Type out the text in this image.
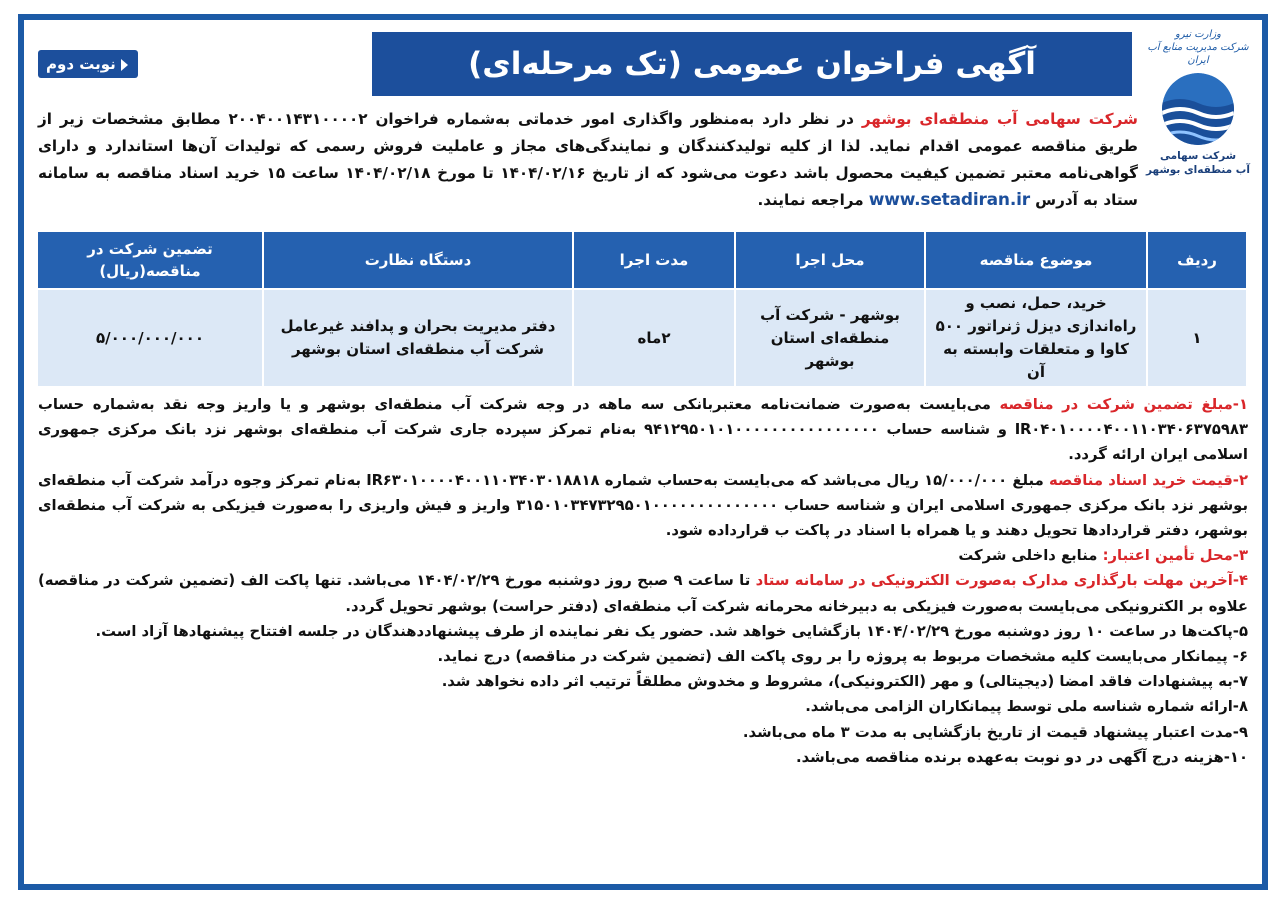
وزارت نیرو
شرکت مدیریت منابع آب ایران
شرکت سهامی
آب منطقه‌ای بوشهر
آگهی فراخوان عمومی (تک مرحله‌ای)
نوبت دوم
شرکت سهامی آب منطقه‌ای بوشهر در نظر دارد به‌منظور واگذاری امور خدماتی به‌شماره فراخوان ۲۰۰۴۰۰۱۴۳۱۰۰۰۰۲ مطابق مشخصات زیر از طریق مناقصه عمومی اقدام نماید. لذا از کلیه تولیدکنندگان و نمایندگی‌های مجاز و عاملیت فروش رسمی که تولیدات آن‌ها استاندارد و دارای گواهی‌نامه معتبر تضمین کیفیت محصول باشد دعوت می‌شود که از تاریخ ۱۴۰۴/۰۲/۱۶ تا مورخ ۱۴۰۴/۰۲/۱۸ ساعت ۱۵ خرید اسناد مناقصه به سامانه ستاد به آدرس www.setadiran.ir مراجعه نمایند.
ردیف	موضوع مناقصه	محل اجرا	مدت اجرا	دستگاه نظارت	تضمین شرکت در مناقصه(ریال)
۱	خرید، حمل، نصب و راه‌اندازی دیزل ژنراتور ۵۰۰ کاوا و متعلقات وابسته به آن	بوشهر - شرکت آب منطقه‌ای استان بوشهر	۲ماه	دفتر مدیریت بحران و پدافند غیرعامل شرکت آب منطقه‌ای استان بوشهر	۵/۰۰۰/۰۰۰/۰۰۰

۱-مبلغ تضمین شرکت در مناقصه می‌بایست به‌صورت ضمانت‌نامه معتبربانکی سه ماهه در وجه شرکت آب منطقه‌ای بوشهر و یا واریز وجه نقد به‌شماره حساب IR۰۴۰۱۰۰۰۰۴۰۰۱۱۰۳۴۰۶۳۷۵۹۸۳ و شناسه حساب ۹۴۱۲۹۵۰۱۰۱۰۰۰۰۰۰۰۰۰۰۰۰۰۰۰۰ به‌نام تمرکز سپرده جاری شرکت آب منطقه‌ای بوشهر نزد بانک مرکزی جمهوری اسلامی ایران ارائه گردد.

۲-قیمت خرید اسناد مناقصه مبلغ ۱۵/۰۰۰/۰۰۰ ریال می‌باشد که می‌بایست به‌حساب شماره IR۶۳۰۱۰۰۰۰۴۰۰۱۱۰۳۴۰۳۰۱۸۸۱۸ به‌نام تمرکز وجوه درآمد شرکت آب منطقه‌ای بوشهر نزد بانک مرکزی جمهوری اسلامی ایران و شناسه حساب ۳۱۵۰۱۰۳۴۷۳۲۹۵۰۱۰۰۰۰۰۰۰۰۰۰۰۰۰۰ واریز و فیش واریزی را به‌صورت فیزیکی به شرکت آب منطقه‌ای بوشهر، دفتر قراردادها تحویل دهند و یا همراه با اسناد در پاکت ب قرارداده شود.

۳-محل تأمین اعتبار: منابع داخلی شرکت

۴-آخرین مهلت بارگذاری مدارک به‌صورت الکترونیکی در سامانه ستاد تا ساعت ۹ صبح روز دوشنبه مورخ ۱۴۰۴/۰۲/۲۹ می‌باشد. تنها پاکت الف (تضمین شرکت در مناقصه) علاوه بر الکترونیکی می‌بایست به‌صورت فیزیکی به دبیرخانه محرمانه شرکت آب منطقه‌ای (دفتر حراست) بوشهر تحویل گردد.

۵-پاکت‌ها در ساعت ۱۰ روز دوشنبه مورخ ۱۴۰۴/۰۲/۲۹ بازگشایی خواهد شد. حضور یک نفر نماینده از طرف پیشنهاددهندگان در جلسه افتتاح پیشنهادها آزاد است.

۶- پیمانکار می‌بایست کلیه مشخصات مربوط به پروژه را بر روی پاکت الف (تضمین شرکت در مناقصه) درج نماید.

۷-به پیشنهادات فاقد امضا (دیجیتالی) و مهر (الکترونیکی)، مشروط و مخدوش مطلقاً ترتیب اثر داده نخواهد شد.

۸-ارائه شماره شناسه ملی توسط پیمانکاران الزامی می‌باشد.

۹-مدت اعتبار پیشنهاد قیمت از تاریخ بازگشایی به مدت ۳ ماه می‌باشد.

۱۰-هزینه درج آگهی در دو نوبت به‌عهده برنده مناقصه می‌باشد.
